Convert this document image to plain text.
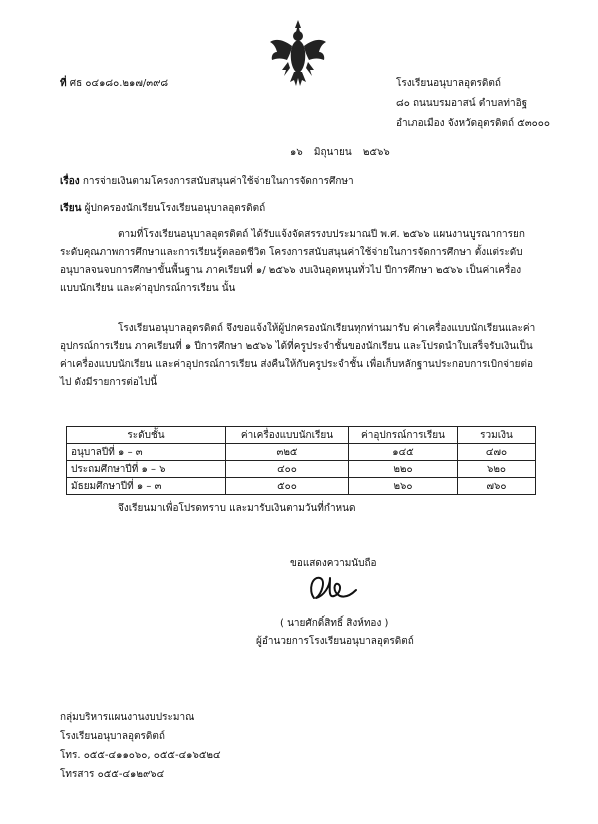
ที่ ศธ ๐๔๑๘๐.๒๑๗/๓๙๘	โรงเรียนอนุบาลอุตรดิตถ์
๘๐ ถนนบรมอาสน์ ตำบลท่าอิฐ
อำเภอเมือง จังหวัดอุตรดิตถ์ ๕๓๐๐๐
๑๖ มิถุนายน ๒๕๖๖
เรื่อง การจ่ายเงินตามโครงการสนับสนุนค่าใช้จ่ายในการจัดการศึกษา
เรียน ผู้ปกครองนักเรียนโรงเรียนอนุบาลอุตรดิตถ์
ตามที่โรงเรียนอนุบาลอุตรดิตถ์ ได้รับแจ้งจัดสรรงบประมาณปี พ.ศ. ๒๕๖๖ แผนงานบูรณาการยกระดับคุณภาพการศึกษาและการเรียนรู้ตลอดชีวิต โครงการสนับสนุนค่าใช้จ่ายในการจัดการศึกษา ตั้งแต่ระดับอนุบาลจนจบการศึกษาขั้นพื้นฐาน ภาคเรียนที่ ๑/ ๒๕๖๖ งบเงินอุดหนุนทั่วไป ปีการศึกษา ๒๕๖๖ เป็นค่าเครื่องแบบนักเรียน และค่าอุปกรณ์การเรียน นั้น
โรงเรียนอนุบาลอุตรดิตถ์ จึงขอแจ้งให้ผู้ปกครองนักเรียนทุกท่านมารับ ค่าเครื่องแบบนักเรียนและค่าอุปกรณ์การเรียน ภาคเรียนที่ ๑ ปีการศึกษา ๒๕๖๖ ได้ที่ครูประจำชั้นของนักเรียน และโปรดนำใบเสร็จรับเงินเป็นค่าเครื่องแบบนักเรียน และค่าอุปกรณ์การเรียน ส่งคืนให้กับครูประจำชั้น เพื่อเก็บหลักฐานประกอบการเบิกจ่ายต่อไป ดังมีรายการต่อไปนี้
ระดับชั้น	ค่าเครื่องแบบนักเรียน	ค่าอุปกรณ์การเรียน	รวมเงิน
อนุบาลปีที่ ๑ – ๓	๓๒๕	๑๔๕	๔๗๐
ประถมศึกษาปีที่ ๑ – ๖	๔๐๐	๒๒๐	๖๒๐
มัธยมศึกษาปีที่ ๑ – ๓	๕๐๐	๒๖๐	๗๖๐
จึงเรียนมาเพื่อโปรดทราบ และมารับเงินตามวันที่กำหนด
ขอแสดงความนับถือ
( นายศักดิ์สิทธิ์ สิงห์ทอง )
ผู้อำนวยการโรงเรียนอนุบาลอุตรดิตถ์
กลุ่มบริหารแผนงานงบประมาณ
โรงเรียนอนุบาลอุตรดิตถ์
โทร. ๐๕๕-๔๑๑๐๖๐, ๐๕๕-๔๑๖๕๒๔
โทรสาร ๐๕๕-๔๑๒๙๖๔
